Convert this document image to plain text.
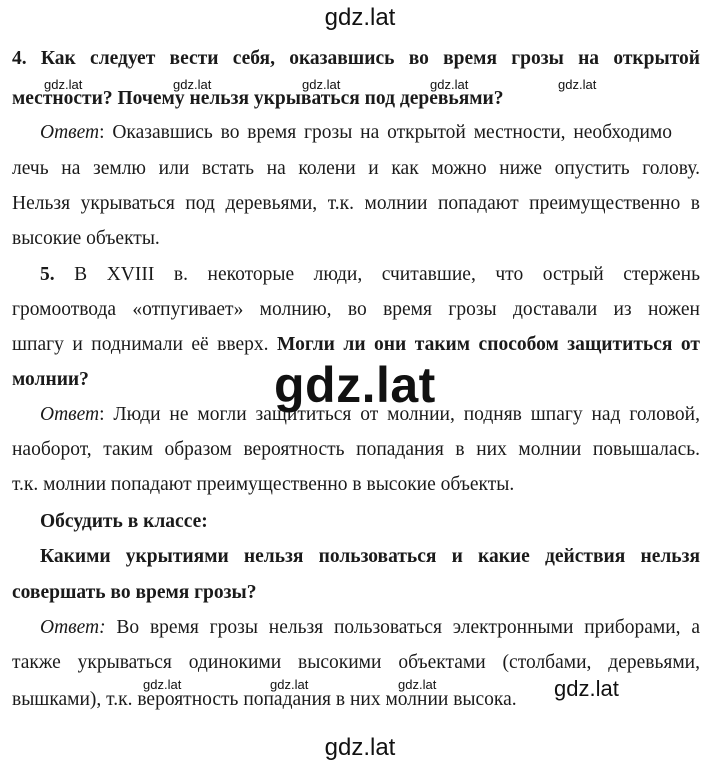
gdz.lat
4. Как следует вести себя, оказавшись во время грозы на открытой
gdz.lat	gdz.lat	gdz.lat	gdz.lat	gdz.lat
местности? Почему нельзя укрываться под деревьями?
Ответ: Оказавшись во время грозы на открытой местности, необходимо
лечь на землю или встать на колени и как можно ниже опустить голову.
Нельзя укрываться под деревьями, т.к. молнии попадают преимущественно в
высокие объекты.
5. В XVIII в. некоторые люди, считавшие, что острый стержень
громоотвода «отпугивает» молнию, во время грозы доставали из ножен
шпагу и поднимали её вверх. Могли ли они таким способом защититься от
молнии?
Ответ: Люди не могли защититься от молнии, подняв шпагу над головой,
наоборот, таким образом вероятность попадания в них молнии повышалась.
т.к. молнии попадают преимущественно в высокие объекты.
gdz.lat
Обсудить в классе:
Какими укрытиями нельзя пользоваться и какие действия нельзя
совершать во время грозы?
Ответ: Во время грозы нельзя пользоваться электронными приборами, а
также укрываться одинокими высокими объектами (столбами, деревьями,
gdz.lat	gdz.lat	gdz.lat	gdz.lat
вышками), т.к. вероятность попадания в них молнии высока.
gdz.lat
